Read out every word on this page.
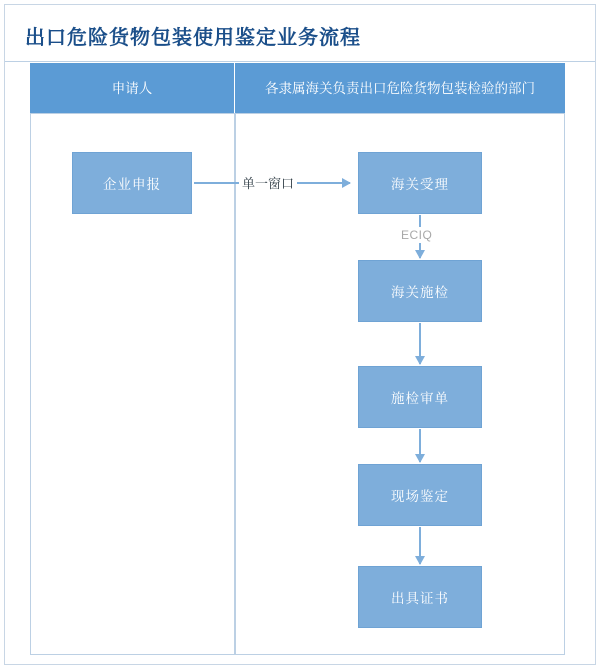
出口危险货物包装使用鉴定业务流程
申请人	各隶属海关负责出口危险货物包装检验的部门
企业申报	海关受理
海关施检
施检审单
现场鉴定
出具证书
单一窗口
ECIQ
